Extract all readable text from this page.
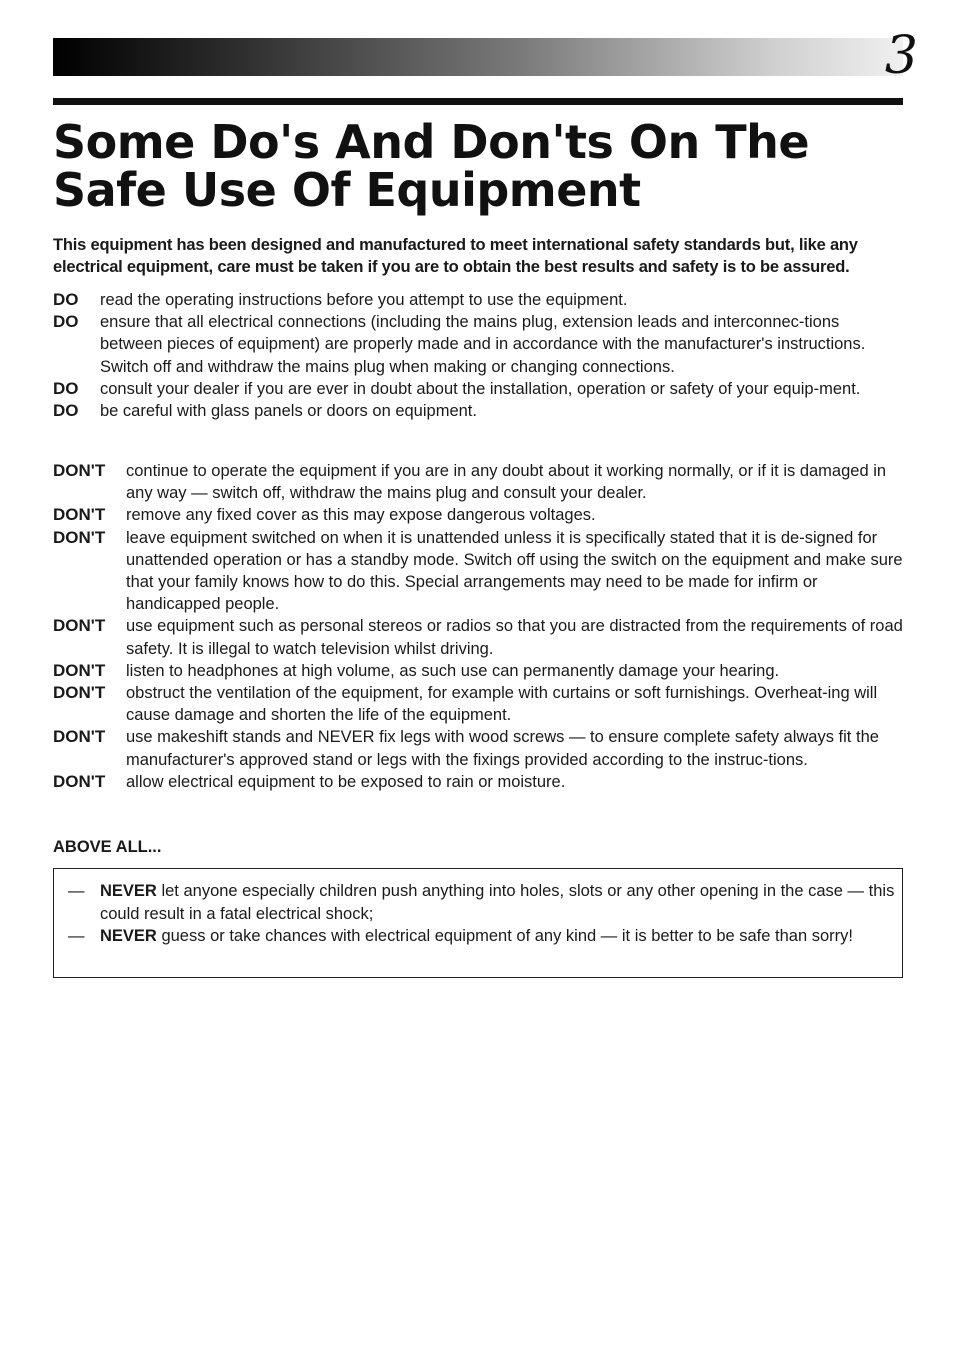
3
Some Do's And Don'ts On The Safe Use Of Equipment

This equipment has been designed and manufactured to meet international safety standards but, like any electrical equipment, care must be taken if you are to obtain the best results and safety is to be assured.

DO read the operating instructions before you attempt to use the equipment.
DO ensure that all electrical connections (including the mains plug, extension leads and interconnec-tions between pieces of equipment) are properly made and in accordance with the manufacturer's instructions. Switch off and withdraw the mains plug when making or changing connections.
DO consult your dealer if you are ever in doubt about the installation, operation or safety of your equip-ment.
DO be careful with glass panels or doors on equipment.
DON'T continue to operate the equipment if you are in any doubt about it working normally, or if it is damaged in any way — switch off, withdraw the mains plug and consult your dealer.
DON'T remove any fixed cover as this may expose dangerous voltages.
DON'T leave equipment switched on when it is unattended unless it is specifically stated that it is de-signed for unattended operation or has a standby mode. Switch off using the switch on the equipment and make sure that your family knows how to do this. Special arrangements may need to be made for infirm or handicapped people.
DON'T use equipment such as personal stereos or radios so that you are distracted from the requirements of road safety. It is illegal to watch television whilst driving.
DON'T listen to headphones at high volume, as such use can permanently damage your hearing.
DON'T obstruct the ventilation of the equipment, for example with curtains or soft furnishings. Overheat-ing will cause damage and shorten the life of the equipment.
DON'T use makeshift stands and NEVER fix legs with wood screws — to ensure complete safety always fit the manufacturer's approved stand or legs with the fixings provided according to the instruc-tions.
DON'T allow electrical equipment to be exposed to rain or moisture.

ABOVE ALL...

— NEVER let anyone especially children push anything into holes, slots or any other opening in the case — this could result in a fatal electrical shock;
— NEVER guess or take chances with electrical equipment of any kind — it is better to be safe than sorry!
